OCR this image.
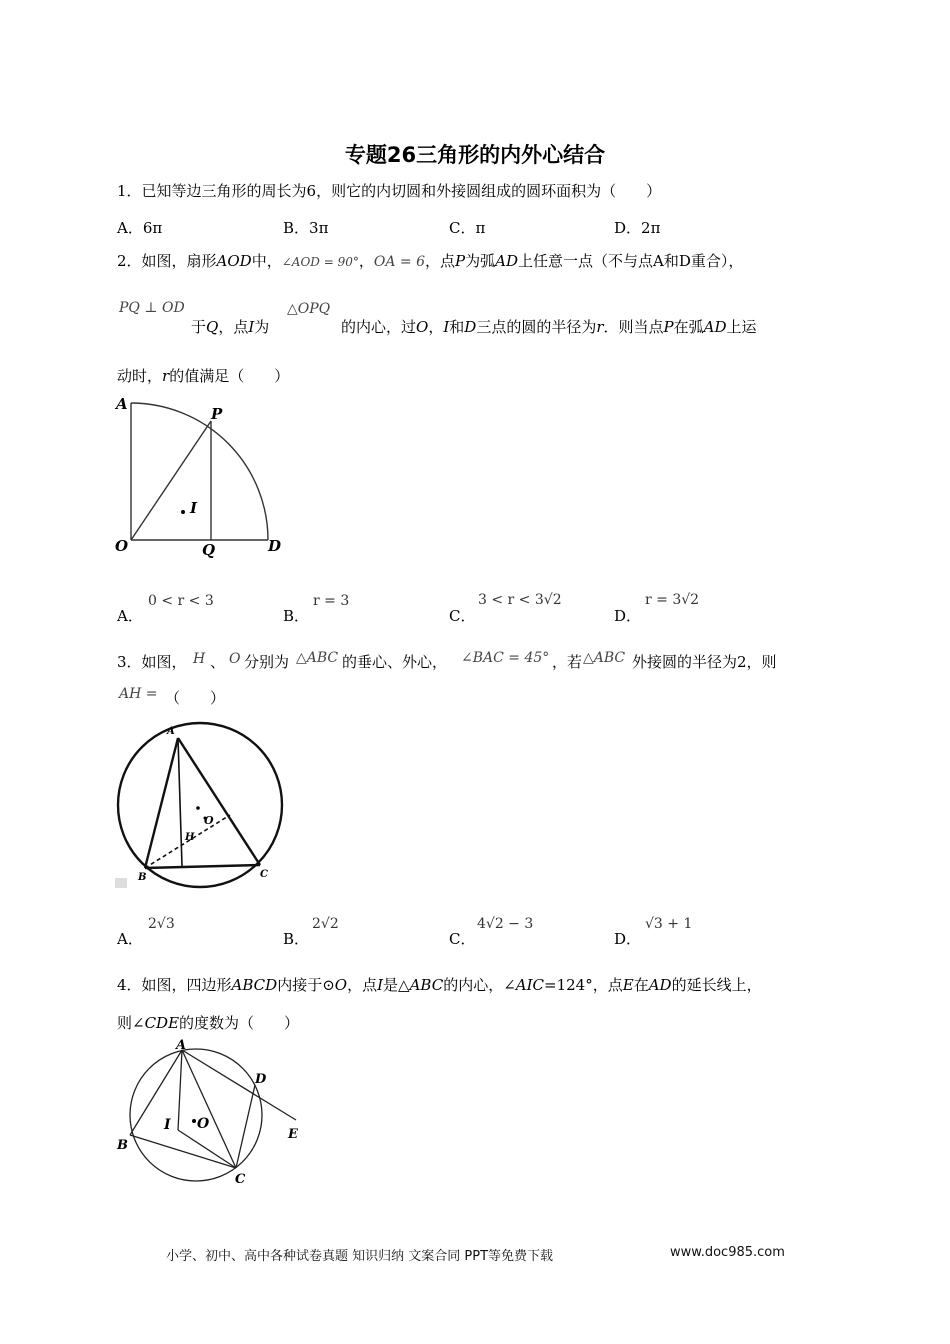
专题26三角形的内外心结合
1．已知等边三角形的周长为6，则它的内切圆和外接圆组成的圆环面积为（　　）
A．6π	B．3π	C．π	D．2π
2．如图，扇形AOD中，∠AOD = 90°，OA = 6，点P为弧AD上任意一点（不与点A和D重合），
PQ ⊥ OD
于Q，点I为
△OPQ
的内心，过O，I和D三点的圆的半径为r．则当点P在弧AD上运
动时，r的值满足（　　）
A
P
I
O	Q	D
A．
0 < r < 3
B．
r = 3
C．
3 < r < 3√2
D．
r = 3√2
3．如图， H 、 O 分别为 △ABC 的垂心、外心， ∠BAC = 45° ，若 △ABC 外接圆的半径为2，则
AH = （　　）
A
O
H
B	C
A．
2√3
B．
2√2
C．
4√2 − 3
D．
√3 + 1
4．如图，四边形ABCD内接于⊙O，点I是△ABC的内心，∠AIC=124°，点E在AD的延长线上，
则∠CDE的度数为（　　）
A
D
I O
E
B
C
小学、初中、高中各种试卷真题 知识归纳 文案合同 PPT等免费下载	www.doc985.com
